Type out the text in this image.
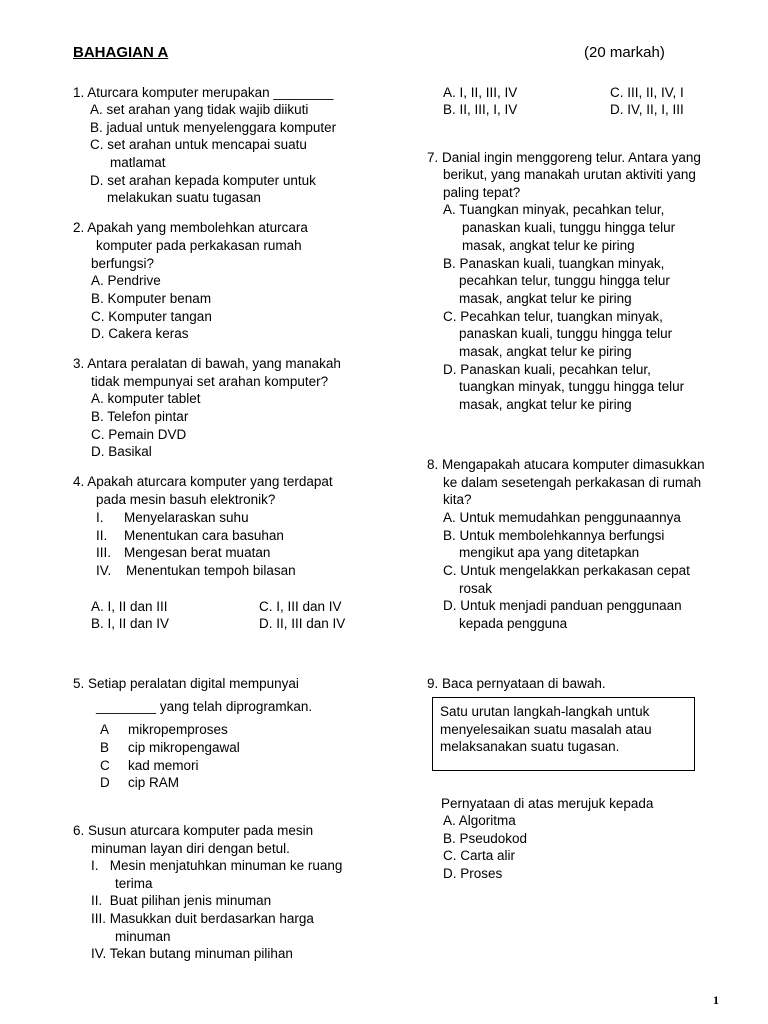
BAHAGIAN A	(20 markah)
1. Aturcara komputer merupakan ________
A. set arahan yang tidak wajib diikuti
B. jadual untuk menyelenggara komputer
C. set arahan untuk mencapai suatu
matlamat
D. set arahan kepada komputer untuk
melakukan suatu tugasan
2. Apakah yang membolehkan aturcara
komputer pada perkakasan rumah
berfungsi?
A. Pendrive
B. Komputer benam
C. Komputer tangan
D. Cakera keras
3. Antara peralatan di bawah, yang manakah
tidak mempunyai set arahan komputer?
A. komputer tablet
B. Telefon pintar
C. Pemain DVD
D. Basikal
4. Apakah aturcara komputer yang terdapat
pada mesin basuh elektronik?
I. Menyelaraskan suhu
II. Menentukan cara basuhan
III. Mengesan berat muatan
IV. Menentukan tempoh bilasan
A. I, II dan III
B. I, II dan IV
C. I, III dan IV
D. II, III dan IV
5. Setiap peralatan digital mempunyai
________ yang telah diprogramkan.
A mikropemproses
B cip mikropengawal
C kad memori
D cip RAM
6. Susun aturcara komputer pada mesin
minuman layan diri dengan betul.
I.   Mesin menjatuhkan minuman ke ruang
terima
II.  Buat pilihan jenis minuman
III. Masukkan duit berdasarkan harga
minuman
IV. Tekan butang minuman pilihan
A. I, II, III, IV
B. II, III, I, IV
C. III, II, IV, I
D. IV, II, I, III
7. Danial ingin menggoreng telur. Antara yang
berikut, yang manakah urutan aktiviti yang
paling tepat?
A. Tuangkan minyak, pecahkan telur,
panaskan kuali, tunggu hingga telur
masak, angkat telur ke piring
B. Panaskan kuali, tuangkan minyak,
pecahkan telur, tunggu hingga telur
masak, angkat telur ke piring
C. Pecahkan telur, tuangkan minyak,
panaskan kuali, tunggu hingga telur
masak, angkat telur ke piring
D. Panaskan kuali, pecahkan telur,
tuangkan minyak, tunggu hingga telur
masak, angkat telur ke piring
8. Mengapakah atucara komputer dimasukkan
ke dalam sesetengah perkakasan di rumah
kita?
A. Untuk memudahkan penggunaannya
B. Untuk membolehkannya berfungsi
mengikut apa yang ditetapkan
C. Untuk mengelakkan perkakasan cepat
rosak
D. Untuk menjadi panduan penggunaan
kepada pengguna
9. Baca pernyataan di bawah.
Satu urutan langkah-langkah untuk
menyelesaikan suatu masalah atau
melaksanakan suatu tugasan.
Pernyataan di atas merujuk kepada
A. Algoritma
B. Pseudokod
C. Carta alir
D. Proses
1
